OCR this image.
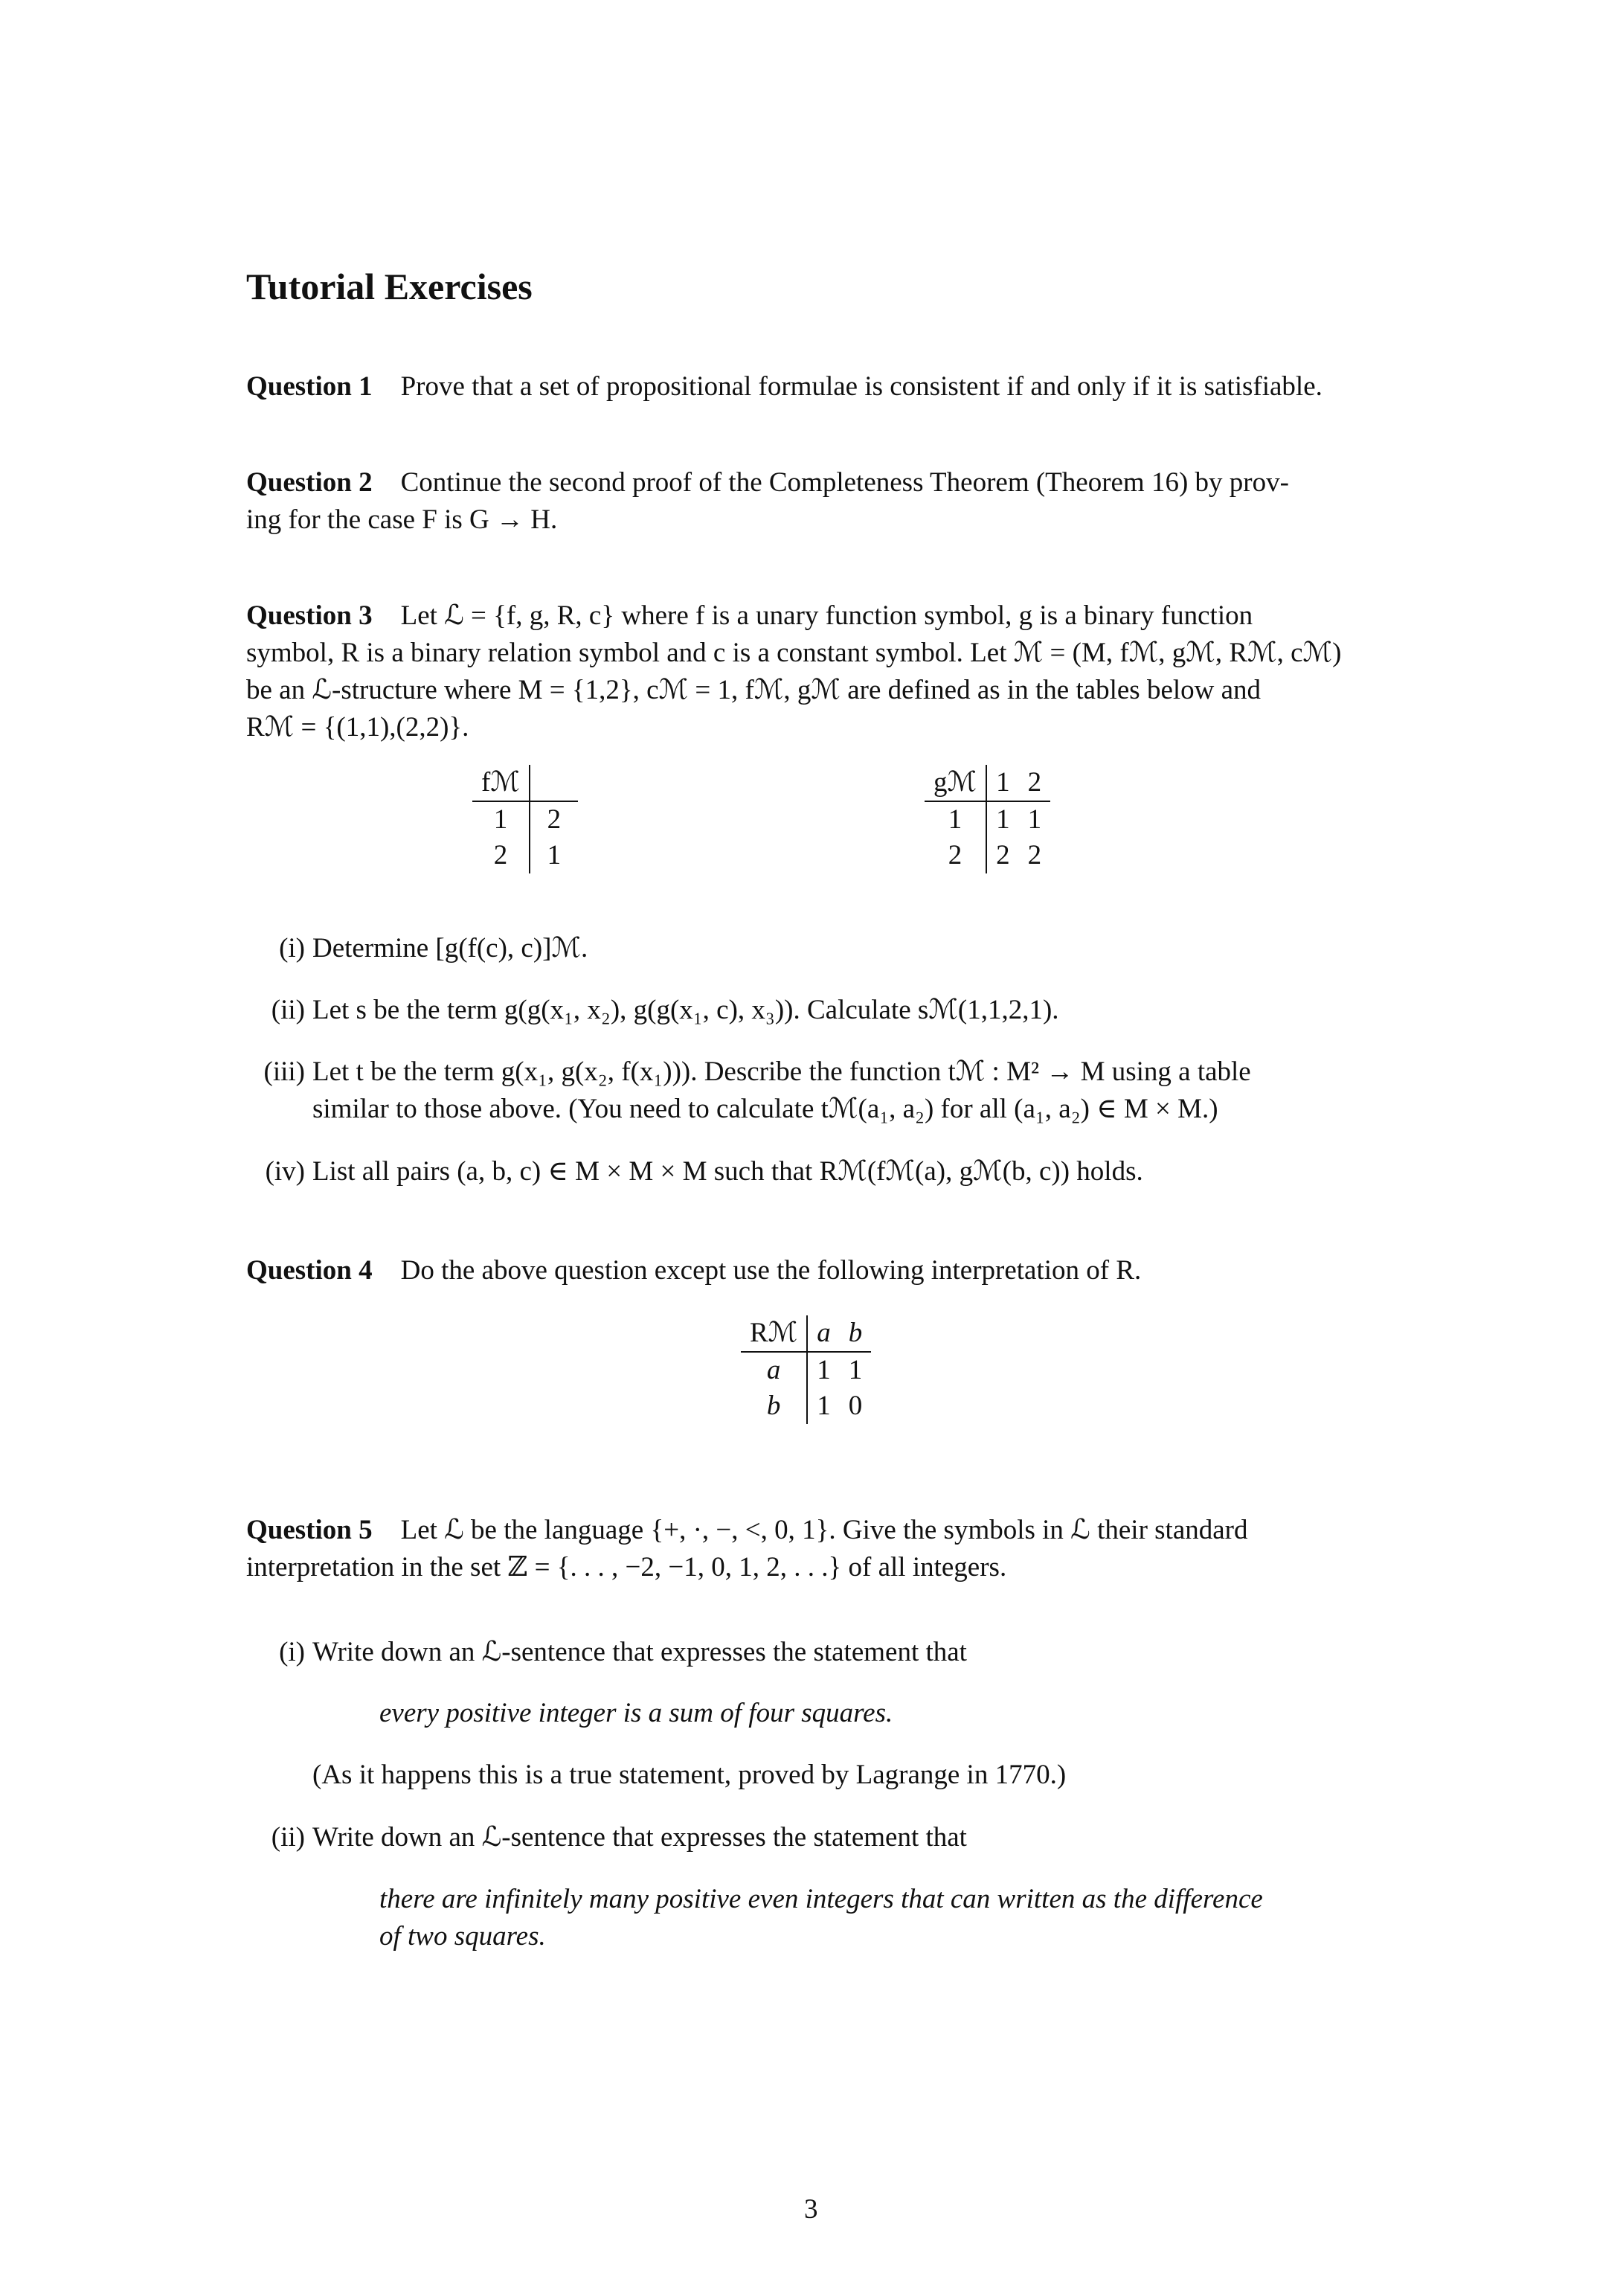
Tutorial Exercises
Question 1 Prove that a set of propositional formulae is consistent if and only if it is satisfiable.
Question 2 Continue the second proof of the Completeness Theorem (Theorem 16) by prov-
ing for the case F is G → H.
Question 3 Let ℒ = {f, g, R, c} where f is a unary function symbol, g is a binary function
symbol, R is a binary relation symbol and c is a constant symbol. Let ℳ = (M, fℳ, gℳ, Rℳ, cℳ)
be an ℒ-structure where M = {1,2}, cℳ = 1, fℳ, gℳ are defined as in the tables below and
Rℳ = {(1,1),(2,2)}.
fℳ	
1	2
2	1
gℳ	1	2
1	1	1
2	2	2
(i) Determine [g(f(c), c)]ℳ.
(ii) Let s be the term g(g(x₁, x₂), g(g(x₁, c), x₃)). Calculate sℳ(1,1,2,1).
(iii) Let t be the term g(x₁, g(x₂, f(x₁))). Describe the function tℳ : M² → M using a table
similar to those above. (You need to calculate tℳ(a₁, a₂) for all (a₁, a₂) ∈ M × M.)
(iv) List all pairs (a, b, c) ∈ M × M × M such that Rℳ(fℳ(a), gℳ(b, c)) holds.
Question 4 Do the above question except use the following interpretation of R.
Rℳ	a	b
a	1	1
b	1	0
Question 5 Let ℒ be the language {+, ·, −, <, 0, 1}. Give the symbols in ℒ their standard
interpretation in the set ℤ = {. . . , −2, −1, 0, 1, 2, . . .} of all integers.
(i) Write down an ℒ-sentence that expresses the statement that
every positive integer is a sum of four squares.
(As it happens this is a true statement, proved by Lagrange in 1770.)
(ii) Write down an ℒ-sentence that expresses the statement that
there are infinitely many positive even integers that can written as the difference
of two squares.
3
